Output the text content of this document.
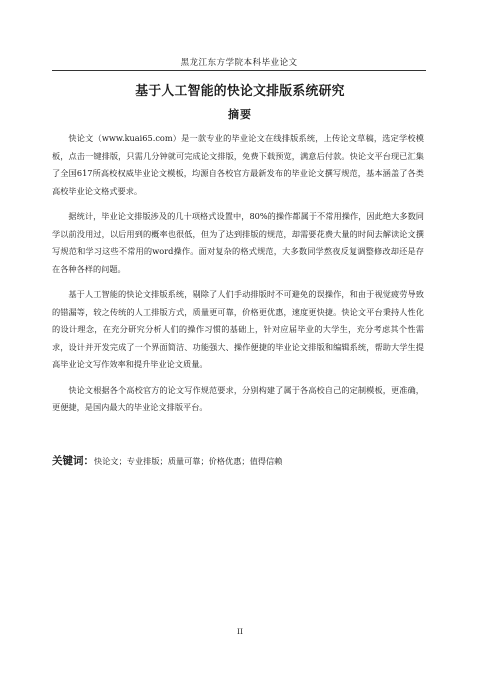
黑龙江东方学院本科毕业论文
基于人工智能的快论文排版系统研究
摘要

快论文（www.kuai65.com）是一款专业的毕业论文在线排版系统，上传论文草稿，选定学校模板，点击一键排版，只需几分钟就可完成论文排版，免费下载预览，满意后付款。快论文平台现已汇集了全国617所高校权威毕业论文模板，均源自各校官方最新发布的毕业论文撰写规范，基本涵盖了各类高校毕业论文格式要求。

据统计，毕业论文排版涉及的几十项格式设置中，80%的操作都属于不常用操作，因此绝大多数同学以前没用过，以后用到的概率也很低，但为了达到排版的规范，却需要花费大量的时间去解读论文撰写规范和学习这些不常用的word操作。面对复杂的格式规范，大多数同学熬夜反复调整修改却还是存在各种各样的问题。

基于人工智能的快论文排版系统，剔除了人们手动排版时不可避免的误操作，和由于视觉疲劳导致的错漏等，较之传统的人工排版方式，质量更可靠，价格更优惠，速度更快捷。快论文平台秉持人性化的设计理念，在充分研究分析人们的操作习惯的基础上，针对应届毕业的大学生，充分考虑其个性需求，设计并开发完成了一个界面简洁、功能强大、操作便捷的毕业论文排版和编辑系统，帮助大学生提高毕业论文写作效率和提升毕业论文质量。

快论文根据各个高校官方的论文写作规范要求，分别构建了属于各高校自己的定制模板，更准确，更便捷，是国内最大的毕业论文排版平台。

关键词：快论文；专业排版；质量可靠；价格优惠；值得信赖
II
